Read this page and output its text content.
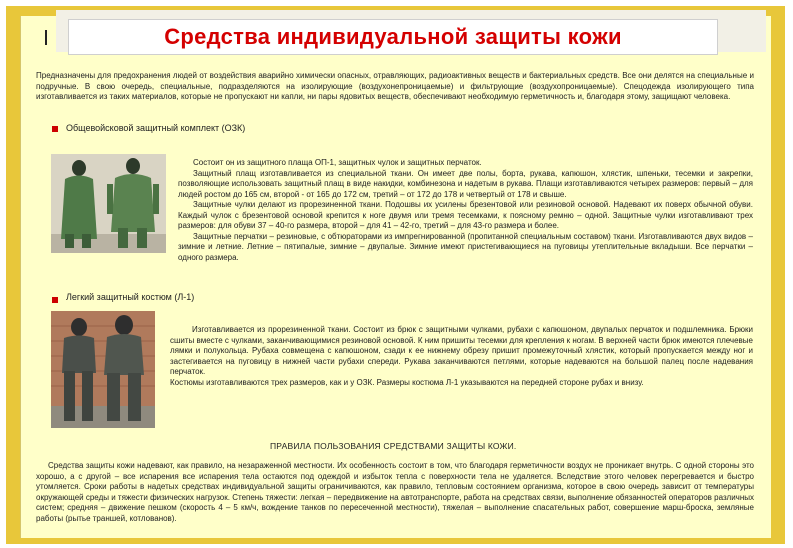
Средства индивидуальной защиты кожи
Предназначены для предохранения людей от воздействия аварийно химически опасных, отравляющих, радиоактивных веществ и бактериальных средств. Все они делятся на специальные и подручные. В свою очередь, специальные, подразделяются на изолирующие (воздухонепроницаемые) и фильтрующие (воздухопроницаемые). Спецодежда изолирующего типа изготавливается из таких материалов, которые не пропускают ни капли, ни пары ядовитых веществ, обеспечивают необходимую герметичность и, благодаря этому, защищают человека.
Общевойсковой защитный комплект (ОЗК)
Состоит он из защитного плаща ОП-1, защитных чулок и защитных перчаток.
Защитный плащ изготавливается из специальной ткани. Он имеет две полы, борта, рукава, капюшон, хлястик, шпеньки, тесемки и закрепки, позволяющие использовать защитный плащ в виде накидки, комбинезона и надетым в рукава. Плащи изготавливаются четырех размеров: первый – для людей ростом до 165 см, второй - от 165 до 172 см, третий – от 172 до 178 и четвертый от 178 и свыше.
Защитные чулки делают из прорезиненной ткани. Подошвы их усилены брезентовой или резиновой основой. Надевают их поверх обычной обуви. Каждый чулок с брезентовой основой крепится к ноге двумя или тремя тесемками, к поясному ремню – одной. Защитные чулки изготавливают трех размеров: для обуви 37 – 40-го размера, второй – для 41 – 42-го, третий – для 43-го размера и более.
Защитные перчатки – резиновые, с обтюраторами из импрегнированной (пропитанной специальным составом) ткани. Изготавливаются двух видов – зимние и летние. Летние – пятипалые, зимние – двупалые. Зимние имеют пристегивающиеся на пуговицы утеплительные вкладыши. Все перчатки – одного размера.
Легкий защитный костюм (Л-1)
Изготавливается из прорезиненной ткани. Состоит из брюк с защитными чулками, рубахи с капюшоном, двупалых перчаток и подшлемника. Брюки сшиты вместе с чулками, заканчивающимися резиновой основой. К ним пришиты тесемки для крепления к ногам. В верхней части брюк имеются плечевые лямки и полукольца. Рубаха совмещена с капюшоном, сзади к ее нижнему обрезу пришит промежуточный хлястик, который пропускается между ног и застегивается на пуговицу в нижней части рубахи спереди. Рукава заканчиваются петлями, которые надеваются на большой палец после надевания перчаток.
Костюмы изготавливаются трех размеров, как и у ОЗК. Размеры костюма Л-1 указываются на передней стороне рубах и внизу.
ПРАВИЛА ПОЛЬЗОВАНИЯ СРЕДСТВАМИ ЗАЩИТЫ КОЖИ.
Средства защиты кожи надевают, как правило, на незараженной местности. Их особенность состоит в том, что благодаря герметичности воздух не проникает внутрь. С одной стороны это хорошо, а с другой – все испарения все испарения тела остаются под одеждой и избыток тепла с поверхности тела не удаляется. Вследствие этого человек перегревается и быстро утомляется. Сроки работы в надетых средствах индивидуальной защиты ограничиваются, как правило, тепловым состоянием организма, которое в свою очередь зависит от температуры окружающей среды и тяжести физических нагрузок. Степень тяжести: легкая – передвижение на автотранспорте, работа на средствах связи, выполнение обязанностей операторов различных систем; средняя – движение пешком (скорость 4 – 5 км/ч, вождение танков по пересеченной местности), тяжелая – выполнение спасательных работ, совершение марш-броска, земляные работы (рытье траншей, котлованов).
